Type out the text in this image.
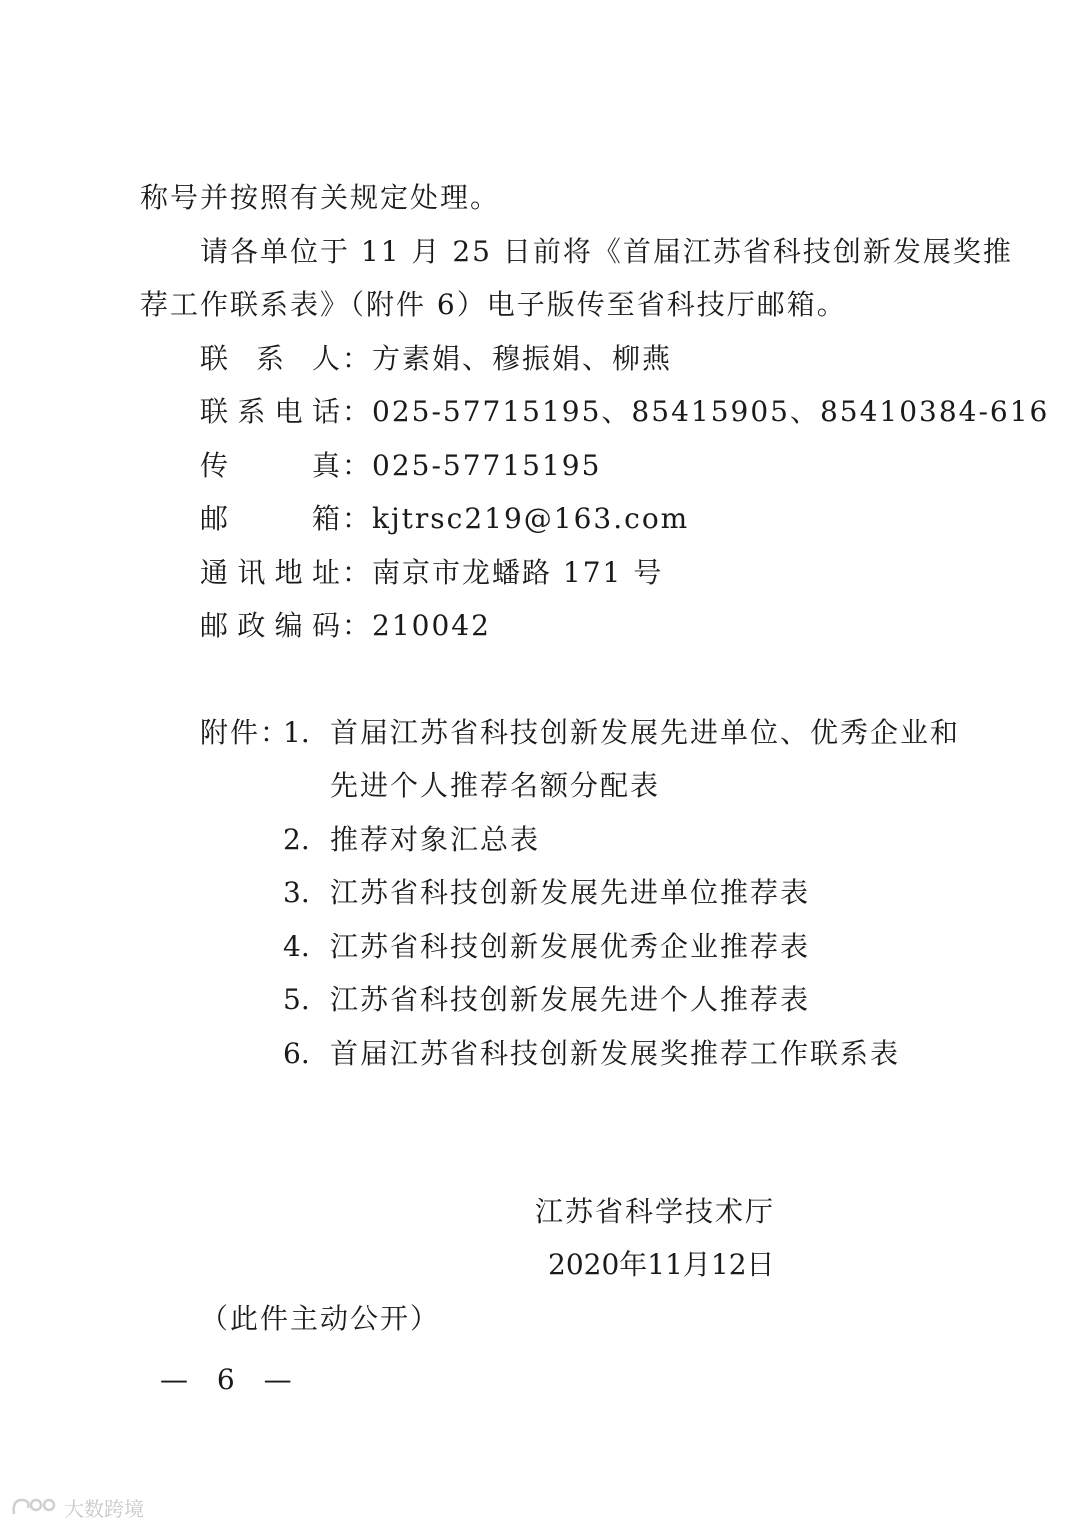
称号并按照有关规定处理。
请各单位于 11 月 25 日前将《首届江苏省科技创新发展奖推
荐工作联系表》（附件 6）电子版传至省科技厅邮箱。
联系人：方素娟、穆振娟、柳燕
联系电话：025-57715195、85415905、85410384-616
传真：025-57715195
邮箱：kjtrsc219@163.com
通讯地址：南京市龙蟠路 171 号
邮政编码：210042
附件：
1. 首届江苏省科技创新发展先进单位、优秀企业和
先进个人推荐名额分配表
2. 推荐对象汇总表
3. 江苏省科技创新发展先进单位推荐表
4. 江苏省科技创新发展优秀企业推荐表
5. 江苏省科技创新发展先进个人推荐表
6. 首届江苏省科技创新发展奖推荐工作联系表
江苏省科学技术厅
2020年11月12日
（此件主动公开）
— 6 —
大数跨境
